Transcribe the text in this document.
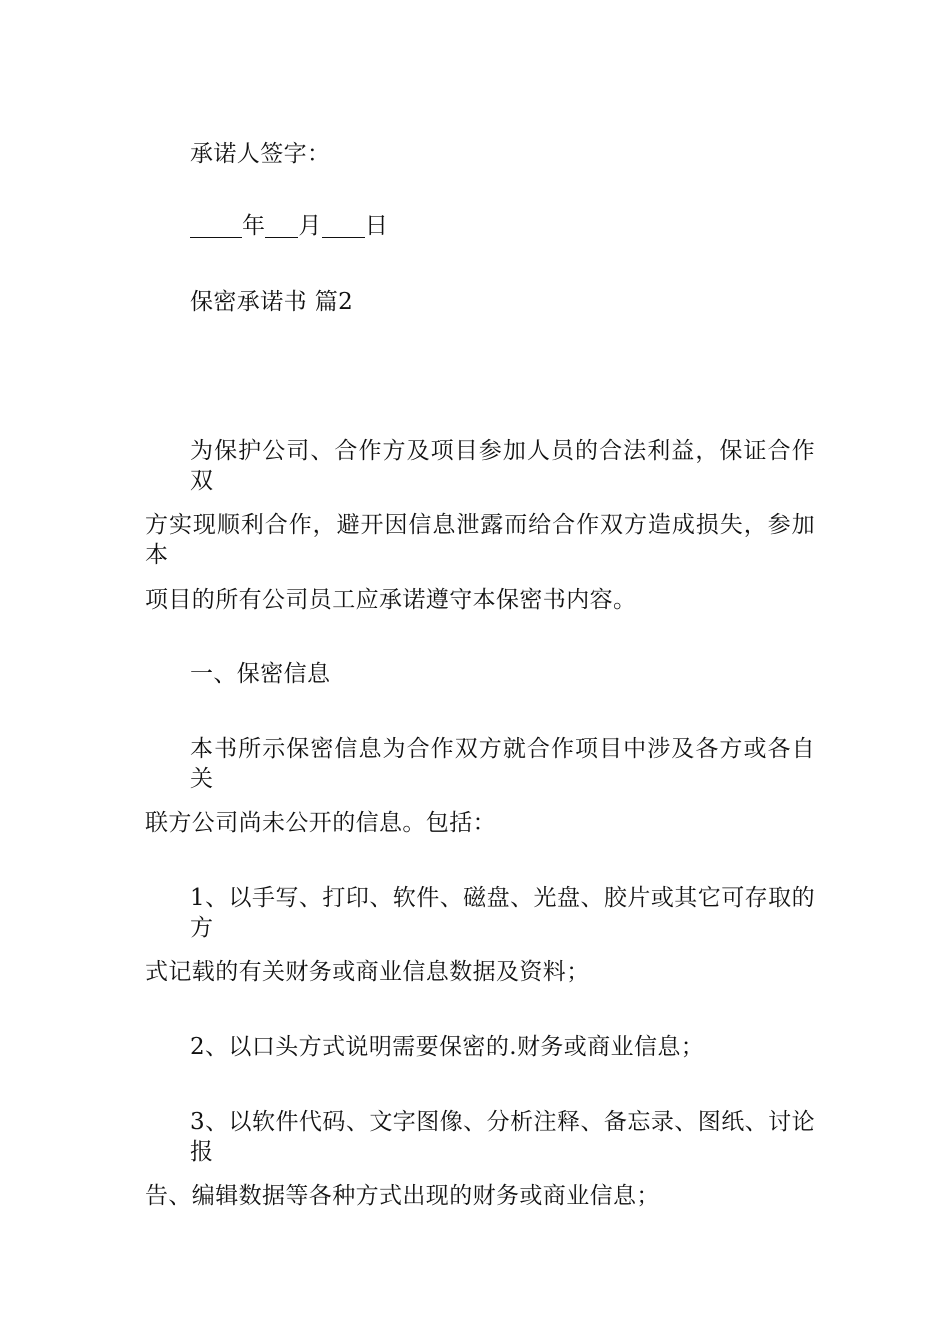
承诺人签字：
年 月 日
保密承诺书 篇2
为保护公司、合作方及项目参加人员的合法利益，保证合作双
方实现顺利合作，避开因信息泄露而给合作双方造成损失，参加本
项目的所有公司员工应承诺遵守本保密书内容。
一、保密信息
本书所示保密信息为合作双方就合作项目中涉及各方或各自关
联方公司尚未公开的信息。包括：
1、以手写、打印、软件、磁盘、光盘、胶片或其它可存取的方
式记载的有关财务或商业信息数据及资料；
2、以口头方式说明需要保密的.财务或商业信息；
3、以软件代码、文字图像、分析注释、备忘录、图纸、讨论报
告、编辑数据等各种方式出现的财务或商业信息；
